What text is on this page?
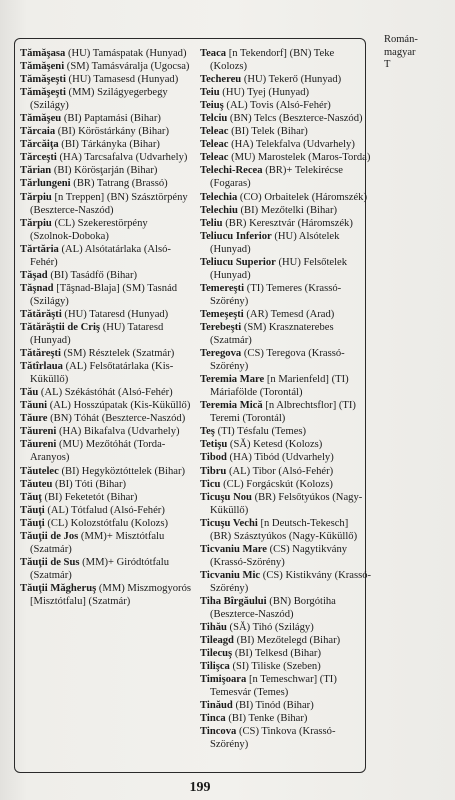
Román-
magyar
T

Tămăşasa (HU) Tamáspatak (Hunyad)

Tămăşeni (SM) Tamásváralja (Ugocsa)

Tămăşeşti (HU) Tamasesd (Hunyad)

Tămăşeşti (MM) Szilágyegerbegy (Szilágy)

Tămăşeu (BI) Paptamási (Bihar)

Tărcaia (BI) Köröstárkány (Bihar)

Tărcăiţa (BI) Tárkányka (Bihar)

Tărceşti (HA) Tarcsafalva (Udvarhely)

Tărian (BI) Körösţarján (Bihar)

Tărlungeni (BR) Tatrang (Brassó)

Tărpiu [n Treppen] (BN) Szásztörpény (Beszterce-Naszód)

Tărpiu (CL) Szekerestörpény (Szolnok-Doboka)

Tărtăria (AL) Alsótatárlaka (Alsó-Fehér)

Tăşad (BI) Tasádfő (Bihar)

Tăşnad [Tăşnad-Blaja] (SM) Tasnád (Szilágy)

Tătărăşti (HU) Tataresd (Hunyad)

Tătărăştii de Criş (HU) Tataresd (Hunyad)

Tătăreşti (SM) Résztelek (Szatmár)

Tătîrlaua (AL) Felsőtatárlaka (Kis-Küküllő)

Tău (AL) Székástóhát (Alsó-Fehér)

Tăuni (AL) Hosszúpatak (Kis-Küküllő)

Tăure (BN) Tóhát (Beszterce-Naszód)

Tăureni (HA) Bikafalva (Udvarhely)

Tăureni (MU) Mezőtóhát (Torda-Aranyos)

Tăutelec (BI) Hegyköztóttelek (Bihar)

Tăuteu (BI) Tóti (Bihar)

Tăuţ (BI) Feketetót (Bihar)

Tăuţi (AL) Tótfalud (Alsó-Fehér)

Tăuţi (CL) Kolozstótfalu (Kolozs)

Tăuţii de Jos (MM)+ Misztótfalu (Szatmár)

Tăuţii de Sus (MM)+ Giródtótfalu (Szatmár)

Tăuţii Măgheruş (MM) Miszmogyorós [Misztótfalu] (Szatmár)

Teaca [n Tekendorf] (BN) Teke (Kolozs)

Techereu (HU) Tekerő (Hunyad)

Teiu (HU) Tyej (Hunyad)

Teiuş (AL) Tovis (Alsó-Fehér)

Telciu (BN) Telcs (Beszterce-Naszód)

Teleac (BI) Telek (Bihar)

Teleac (HA) Telekfalva (Udvarhely)

Teleac (MU) Marostelek (Maros-Torda)

Telechi-Recea (BR)+ Telekirécse (Fogaras)

Telechia (CO) Orbaitelek (Háromszék)

Telechiu (BI) Mezőtelki (Bihar)

Teliu (BR) Keresztvár (Háromszék)

Teliucu Inferior (HU) Alsótelek (Hunyad)

Teliucu Superior (HU) Felsőtelek (Hunyad)

Temereşti (TI) Temeres (Krassó-Szörény)

Temeşeşti (AR) Temesd (Arad)

Terebeşti (SM) Krasznaterebes (Szatmár)

Teregova (CS) Teregova (Krassó-Szörény)

Teremia Mare [n Marienfeld] (TI) Máriafölde (Torontál)

Teremia Mică [n Albrechtsflor] (TI) Teremi (Torontál)

Teş (TI) Tésfalu (Temes)

Tetişu (SĂ) Ketesd (Kolozs)

Tibod (HA) Tibód (Udvarhely)

Tibru (AL) Tibor (Alsó-Fehér)

Ticu (CL) Forgácskút (Kolozs)

Ticuşu Nou (BR) Felsőtyúkos (Nagy-Küküllő)

Ticuşu Vechi [n Deutsch-Tekesch] (BR) Szásztyúkos (Nagy-Küküllő)

Ticvaniu Mare (CS) Nagytikvány (Krassó-Szörény)

Ticvaniu Mic (CS) Kistikvány (Krassó-Szörény)

Tiha Bîrgăului (BN) Borgótiha (Beszterce-Naszód)

Tihău (SĂ) Tihó (Szilágy)

Tileagd (BI) Mezőtelegd (Bihar)

Tilecuş (BI) Telkesd (Bihar)

Tilişca (SI) Tiliske (Szeben)

Timişoara [n Temeschwar] (TI) Temesvár (Temes)

Tinăud (BI) Tinód (Bihar)

Tinca (BI) Tenke (Bihar)

Tincova (CS) Tinkova (Krassó-Szörény)

199
